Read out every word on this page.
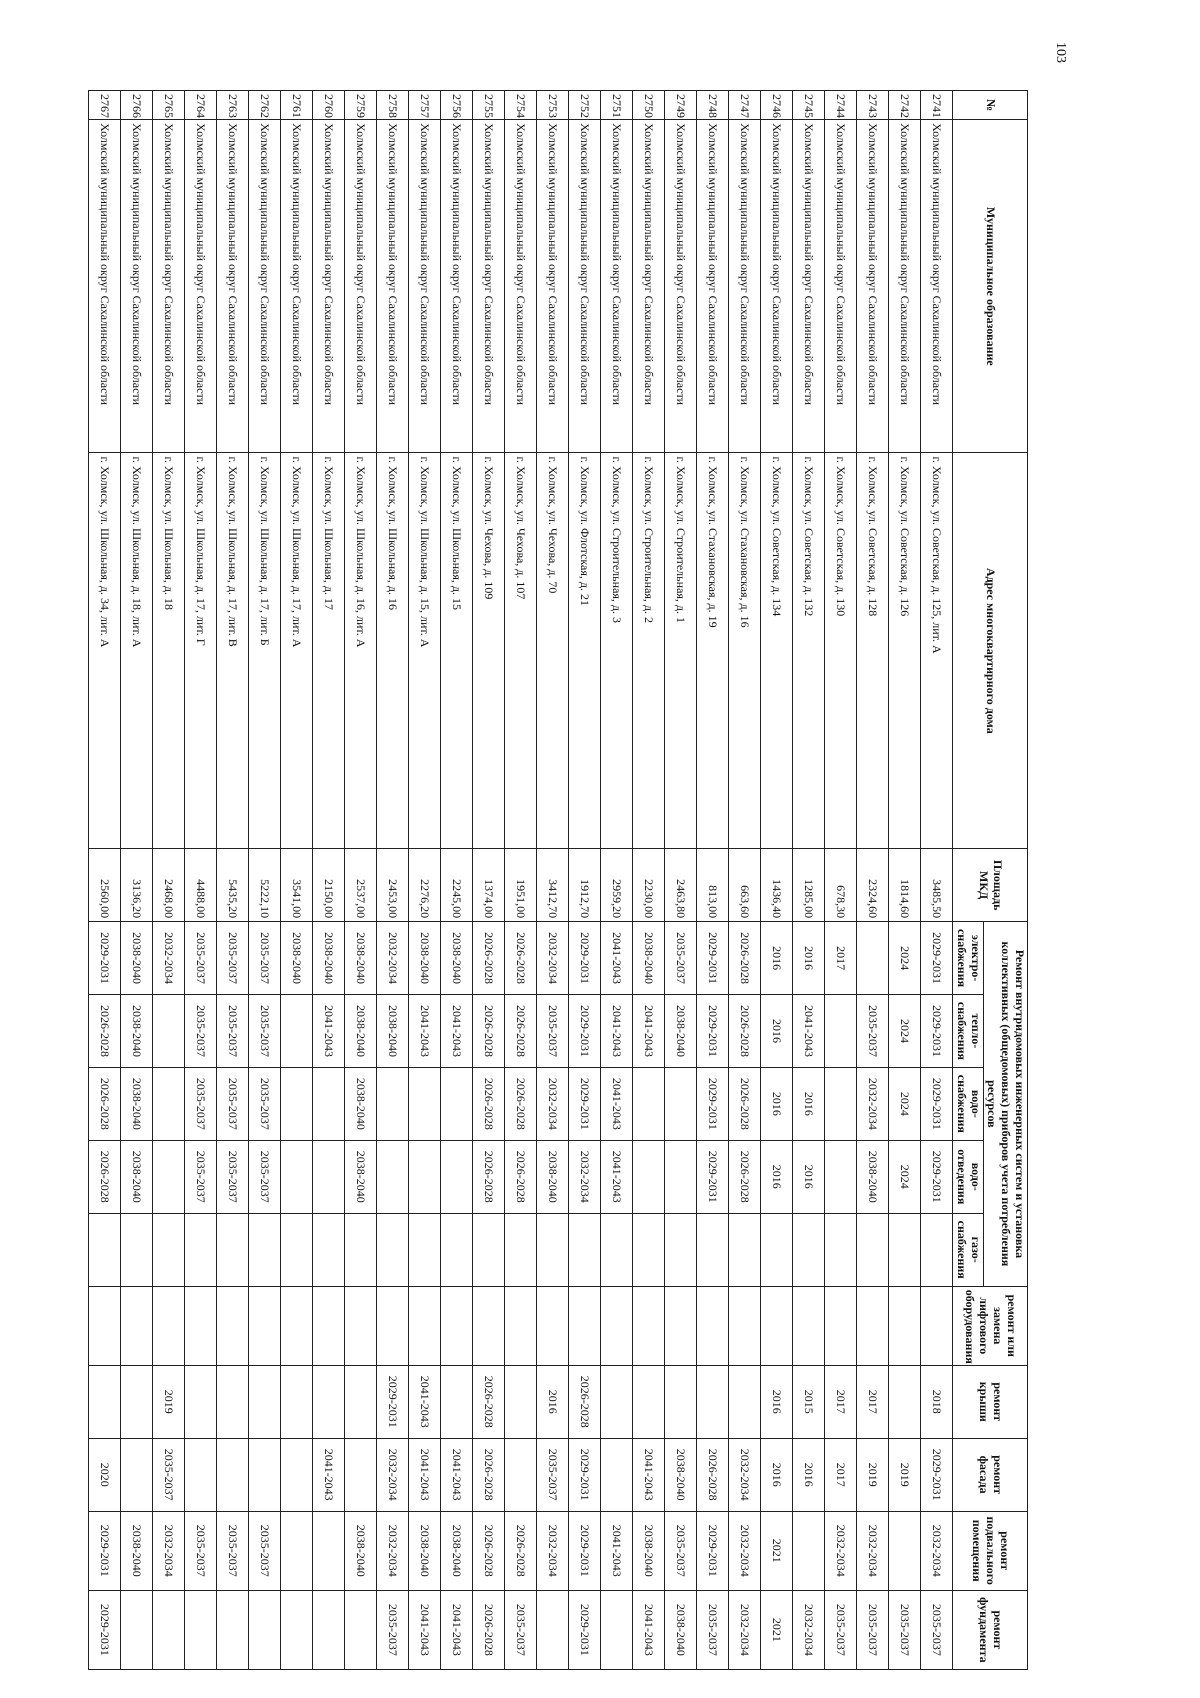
103
№	Муниципальное образование	Адрес многоквартирного дома	Площадь МКД	Ремонт внутридомовых инженерных систем и установка коллективных (общедомовых) приборов учета потребления ресурсов					ремонт или замена лифтового оборудования	ремонт крыши	ремонт фасада	ремонт подвального помещения	ремонт фундамента
				электро- снабжения	тепло- снабжения	водо- снабжения	водо- отведения	газо- снабжения					
2741	Холмский муниципальный округ Сахалинской области	г. Холмск, ул. Советская, д. 125, лит. А	3485,50	2029-2031	2029-2031	2029-2031	2029-2031			2018	2029-2031	2032-2034	2035-2037
2742	Холмский муниципальный округ Сахалинской области	г. Холмск, ул. Советская, д. 126	1814,60	2024	2024	2024	2024				2019		2035-2037
2743	Холмский муниципальный округ Сахалинской области	г. Холмск, ул. Советская, д. 128	2324,60		2035-2037	2032-2034	2038-2040			2017	2019	2032-2034	2035-2037
2744	Холмский муниципальный округ Сахалинской области	г. Холмск, ул. Советская, д. 130	678,30	2017						2017	2017	2032-2034	2035-2037
2745	Холмский муниципальный округ Сахалинской области	г. Холмск, ул. Советская, д. 132	1285,00	2016	2041-2043	2016	2016			2015	2016		2032-2034
2746	Холмский муниципальный округ Сахалинской области	г. Холмск, ул. Советская, д. 134	1436,40	2016	2016	2016	2016			2016	2016	2021	2021
2747	Холмский муниципальный округ Сахалинской области	г. Холмск, ул. Стахановская, д. 16	663,60	2026-2028	2026-2028	2026-2028	2026-2028				2032-2034	2032-2034	2032-2034
2748	Холмский муниципальный округ Сахалинской области	г. Холмск, ул. Стахановская, д. 19	813,00	2029-2031	2029-2031	2029-2031	2029-2031				2026-2028	2029-2031	2035-2037
2749	Холмский муниципальный округ Сахалинской области	г. Холмск, ул. Строительная, д. 1	2463,80	2035-2037	2038-2040						2038-2040	2035-2037	2038-2040
2750	Холмский муниципальный округ Сахалинской области	г. Холмск, ул. Строительная, д. 2	2230,00	2038-2040	2041-2043						2041-2043	2038-2040	2041-2043
2751	Холмский муниципальный округ Сахалинской области	г. Холмск, ул. Строительная, д. 3	2959,20	2041-2043	2041-2043	2041-2043	2041-2043					2041-2043	
2752	Холмский муниципальный округ Сахалинской области	г. Холмск, ул. Флотская, д. 21	1912,70	2029-2031	2029-2031	2029-2031	2032-2034			2026-2028	2029-2031	2029-2031	2029-2031
2753	Холмский муниципальный округ Сахалинской области	г. Холмск, ул. Чехова, д. 70	3412,70	2032-2034	2035-2037	2032-2034	2038-2040			2016	2035-2037	2032-2034	
2754	Холмский муниципальный округ Сахалинской области	г. Холмск, ул. Чехова, д. 107	1951,00	2026-2028	2026-2028	2026-2028	2026-2028					2026-2028	2035-2037
2755	Холмский муниципальный округ Сахалинской области	г. Холмск, ул. Чехова, д. 109	1374,00	2026-2028	2026-2028	2026-2028	2026-2028			2026-2028	2026-2028	2026-2028	2026-2028
2756	Холмский муниципальный округ Сахалинской области	г. Холмск, ул. Школьная, д. 15	2245,00	2038-2040	2041-2043						2041-2043	2038-2040	2041-2043
2757	Холмский муниципальный округ Сахалинской области	г. Холмск, ул. Школьная, д. 15, лит. А	2276,20	2038-2040	2041-2043					2041-2043	2041-2043	2038-2040	2041-2043
2758	Холмский муниципальный округ Сахалинской области	г. Холмск, ул. Школьная, д. 16	2453,00	2032-2034	2038-2040					2029-2031	2032-2034	2032-2034	2035-2037
2759	Холмский муниципальный округ Сахалинской области	г. Холмск, ул. Школьная, д. 16, лит. А	2537,00	2038-2040	2038-2040	2038-2040	2038-2040					2038-2040	
2760	Холмский муниципальный округ Сахалинской области	г. Холмск, ул. Школьная, д. 17	2150,00	2038-2040	2041-2043						2041-2043		
2761	Холмский муниципальный округ Сахалинской области	г. Холмск, ул. Школьная, д. 17, лит. А	3541,00	2038-2040									
2762	Холмский муниципальный округ Сахалинской области	г. Холмск, ул. Школьная, д. 17, лит. Б	5222,10	2035-2037	2035-2037	2035-2037	2035-2037					2035-2037	
2763	Холмский муниципальный округ Сахалинской области	г. Холмск, ул. Школьная, д. 17, лит. В	5435,20	2035-2037	2035-2037	2035-2037	2035-2037					2035-2037	
2764	Холмский муниципальный округ Сахалинской области	г. Холмск, ул. Школьная, д. 17, лит. Г	4488,00	2035-2037	2035-2037	2035-2037	2035-2037					2035-2037	
2765	Холмский муниципальный округ Сахалинской области	г. Холмск, ул. Школьная, д. 18	2468,00	2032-2034						2019	2035-2037	2032-2034	
2766	Холмский муниципальный округ Сахалинской области	г. Холмск, ул. Школьная, д. 18, лит. А	3136,20	2038-2040	2038-2040	2038-2040	2038-2040					2038-2040	
2767	Холмский муниципальный округ Сахалинской области	г. Холмск, ул. Школьная, д. 34, лит. А	2560,00	2029-2031	2026-2028	2026-2028	2026-2028				2020	2029-2031	2029-2031
